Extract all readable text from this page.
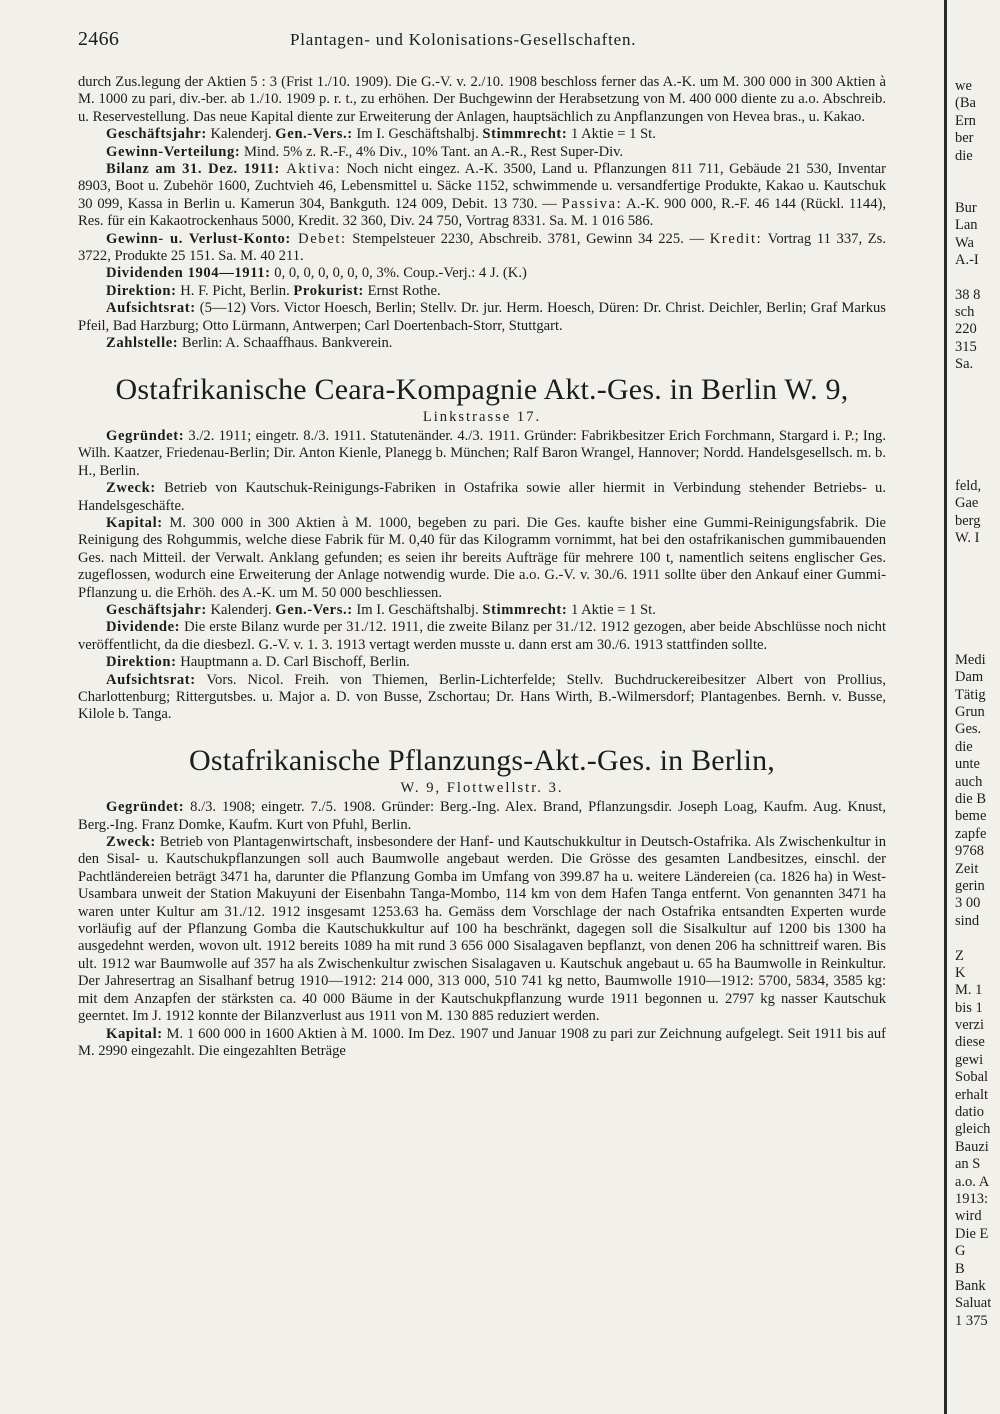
2466	Plantagen- und Kolonisations-Gesellschaften.

durch Zus.legung der Aktien 5 : 3 (Frist 1./10. 1909). Die G.-V. v. 2./10. 1908 beschloss ferner das A.-K. um M. 300 000 in 300 Aktien à M. 1000 zu pari, div.-ber. ab 1./10. 1909 p. r. t., zu erhöhen. Der Buchgewinn der Herabsetzung von M. 400 000 diente zu a.o. Abschreib. u. Reservestellung. Das neue Kapital diente zur Erweiterung der Anlagen, hauptsächlich zu Anpflanzungen von Hevea bras., u. Kakao.

Geschäftsjahr: Kalenderj. Gen.-Vers.: Im I. Geschäftshalbj. Stimmrecht: 1 Aktie = 1 St.

Gewinn-Verteilung: Mind. 5% z. R.-F., 4% Div., 10% Tant. an A.-R., Rest Super-Div.

Bilanz am 31. Dez. 1911: Aktiva: Noch nicht eingez. A.-K. 3500, Land u. Pflanzungen 811 711, Gebäude 21 530, Inventar 8903, Boot u. Zubehör 1600, Zuchtvieh 46, Lebensmittel u. Säcke 1152, schwimmende u. versandfertige Produkte, Kakao u. Kautschuk 30 099, Kassa in Berlin u. Kamerun 304, Bankguth. 124 009, Debit. 13 730. — Passiva: A.-K. 900 000, R.-F. 46 144 (Rückl. 1144), Res. für ein Kakaotrockenhaus 5000, Kredit. 32 360, Div. 24 750, Vortrag 8331. Sa. M. 1 016 586.

Gewinn- u. Verlust-Konto: Debet: Stempelsteuer 2230, Abschreib. 3781, Gewinn 34 225. — Kredit: Vortrag 11 337, Zs. 3722, Produkte 25 151. Sa. M. 40 211.

Dividenden 1904—1911: 0, 0, 0, 0, 0, 0, 0, 3%. Coup.-Verj.: 4 J. (K.)

Direktion: H. F. Picht, Berlin. Prokurist: Ernst Rothe.

Aufsichtsrat: (5—12) Vors. Victor Hoesch, Berlin; Stellv. Dr. jur. Herm. Hoesch, Düren: Dr. Christ. Deichler, Berlin; Graf Markus Pfeil, Bad Harzburg; Otto Lürmann, Antwerpen; Carl Doertenbach-Storr, Stuttgart.

Zahlstelle: Berlin: A. Schaaffhaus. Bankverein.

Ostafrikanische Ceara-Kompagnie Akt.-Ges. in Berlin W. 9,
Linkstrasse 17.

Gegründet: 3./2. 1911; eingetr. 8./3. 1911. Statutenänder. 4./3. 1911. Gründer: Fabrikbesitzer Erich Forchmann, Stargard i. P.; Ing. Wilh. Kaatzer, Friedenau-Berlin; Dir. Anton Kienle, Planegg b. München; Ralf Baron Wrangel, Hannover; Nordd. Handelsgesellsch. m. b. H., Berlin.

Zweck: Betrieb von Kautschuk-Reinigungs-Fabriken in Ostafrika sowie aller hiermit in Verbindung stehender Betriebs- u. Handelsgeschäfte.

Kapital: M. 300 000 in 300 Aktien à M. 1000, begeben zu pari. Die Ges. kaufte bisher eine Gummi-Reinigungsfabrik. Die Reinigung des Rohgummis, welche diese Fabrik für M. 0,40 für das Kilogramm vornimmt, hat bei den ostafrikanischen gummibauenden Ges. nach Mitteil. der Verwalt. Anklang gefunden; es seien ihr bereits Aufträge für mehrere 100 t, namentlich seitens englischer Ges. zugeflossen, wodurch eine Erweiterung der Anlage notwendig wurde. Die a.o. G.-V. v. 30./6. 1911 sollte über den Ankauf einer Gummi-Pflanzung u. die Erhöh. des A.-K. um M. 50 000 beschliessen.

Geschäftsjahr: Kalenderj. Gen.-Vers.: Im I. Geschäftshalbj. Stimmrecht: 1 Aktie = 1 St.

Dividende: Die erste Bilanz wurde per 31./12. 1911, die zweite Bilanz per 31./12. 1912 gezogen, aber beide Abschlüsse noch nicht veröffentlicht, da die diesbezl. G.-V. v. 1. 3. 1913 vertagt werden musste u. dann erst am 30./6. 1913 stattfinden sollte.

Direktion: Hauptmann a. D. Carl Bischoff, Berlin.

Aufsichtsrat: Vors. Nicol. Freih. von Thiemen, Berlin-Lichterfelde; Stellv. Buchdruckereibesitzer Albert von Prollius, Charlottenburg; Rittergutsbes. u. Major a. D. von Busse, Zschortau; Dr. Hans Wirth, B.-Wilmersdorf; Plantagenbes. Bernh. v. Busse, Kilole b. Tanga.

Ostafrikanische Pflanzungs-Akt.-Ges. in Berlin,
W. 9, Flottwellstr. 3.

Gegründet: 8./3. 1908; eingetr. 7./5. 1908. Gründer: Berg.-Ing. Alex. Brand, Pflanzungsdir. Joseph Loag, Kaufm. Aug. Knust, Berg.-Ing. Franz Domke, Kaufm. Kurt von Pfuhl, Berlin.

Zweck: Betrieb von Plantagenwirtschaft, insbesondere der Hanf- und Kautschukkultur in Deutsch-Ostafrika. Als Zwischenkultur in den Sisal- u. Kautschukpflanzungen soll auch Baumwolle angebaut werden. Die Grösse des gesamten Landbesitzes, einschl. der Pachtländereien beträgt 3471 ha, darunter die Pflanzung Gomba im Umfang von 399.87 ha u. weitere Ländereien (ca. 1826 ha) in West-Usambara unweit der Station Makuyuni der Eisenbahn Tanga-Mombo, 114 km von dem Hafen Tanga entfernt. Von genannten 3471 ha waren unter Kultur am 31./12. 1912 insgesamt 1253.63 ha. Gemäss dem Vorschlage der nach Ostafrika entsandten Experten wurde vorläufig auf der Pflanzung Gomba die Kautschukkultur auf 100 ha beschränkt, dagegen soll die Sisalkultur auf 1200 bis 1300 ha ausgedehnt werden, wovon ult. 1912 bereits 1089 ha mit rund 3 656 000 Sisalagaven bepflanzt, von denen 206 ha schnittreif waren. Bis ult. 1912 war Baumwolle auf 357 ha als Zwischenkultur zwischen Sisalagaven u. Kautschuk angebaut u. 65 ha Baumwolle in Reinkultur. Der Jahresertrag an Sisalhanf betrug 1910—1912: 214 000, 313 000, 510 741 kg netto, Baumwolle 1910—1912: 5700, 5834, 3585 kg: mit dem Anzapfen der stärksten ca. 40 000 Bäume in der Kautschukpflanzung wurde 1911 begonnen u. 2797 kg nasser Kautschuk geerntet. Im J. 1912 konnte der Bilanzverlust aus 1911 von M. 130 885 reduziert werden.

Kapital: M. 1 600 000 in 1600 Aktien à M. 1000. Im Dez. 1907 und Januar 1908 zu pari zur Zeichnung aufgelegt. Seit 1911 bis auf M. 2990 eingezahlt. Die eingezahlten Beträge

we
(Ba
Ern
ber
die
Bur
Lan
Wa
A.-I
38 8
sch
220
315
Sa.
feld,
Gae
berg
W. I
Medi
Dam
Tätig
Grun
Ges.
die
unte
auch
die B
beme
zapfe
9768
Zeit
gerin
3 00
sind
Z
K
M. 1
bis 1
verzi
diese
gewi
Sobal
erhalt
datio
gleich
Bauzi
an S
a.o. A
1913:
wird
Die E
G
B
Bank
Saluat
1 375
